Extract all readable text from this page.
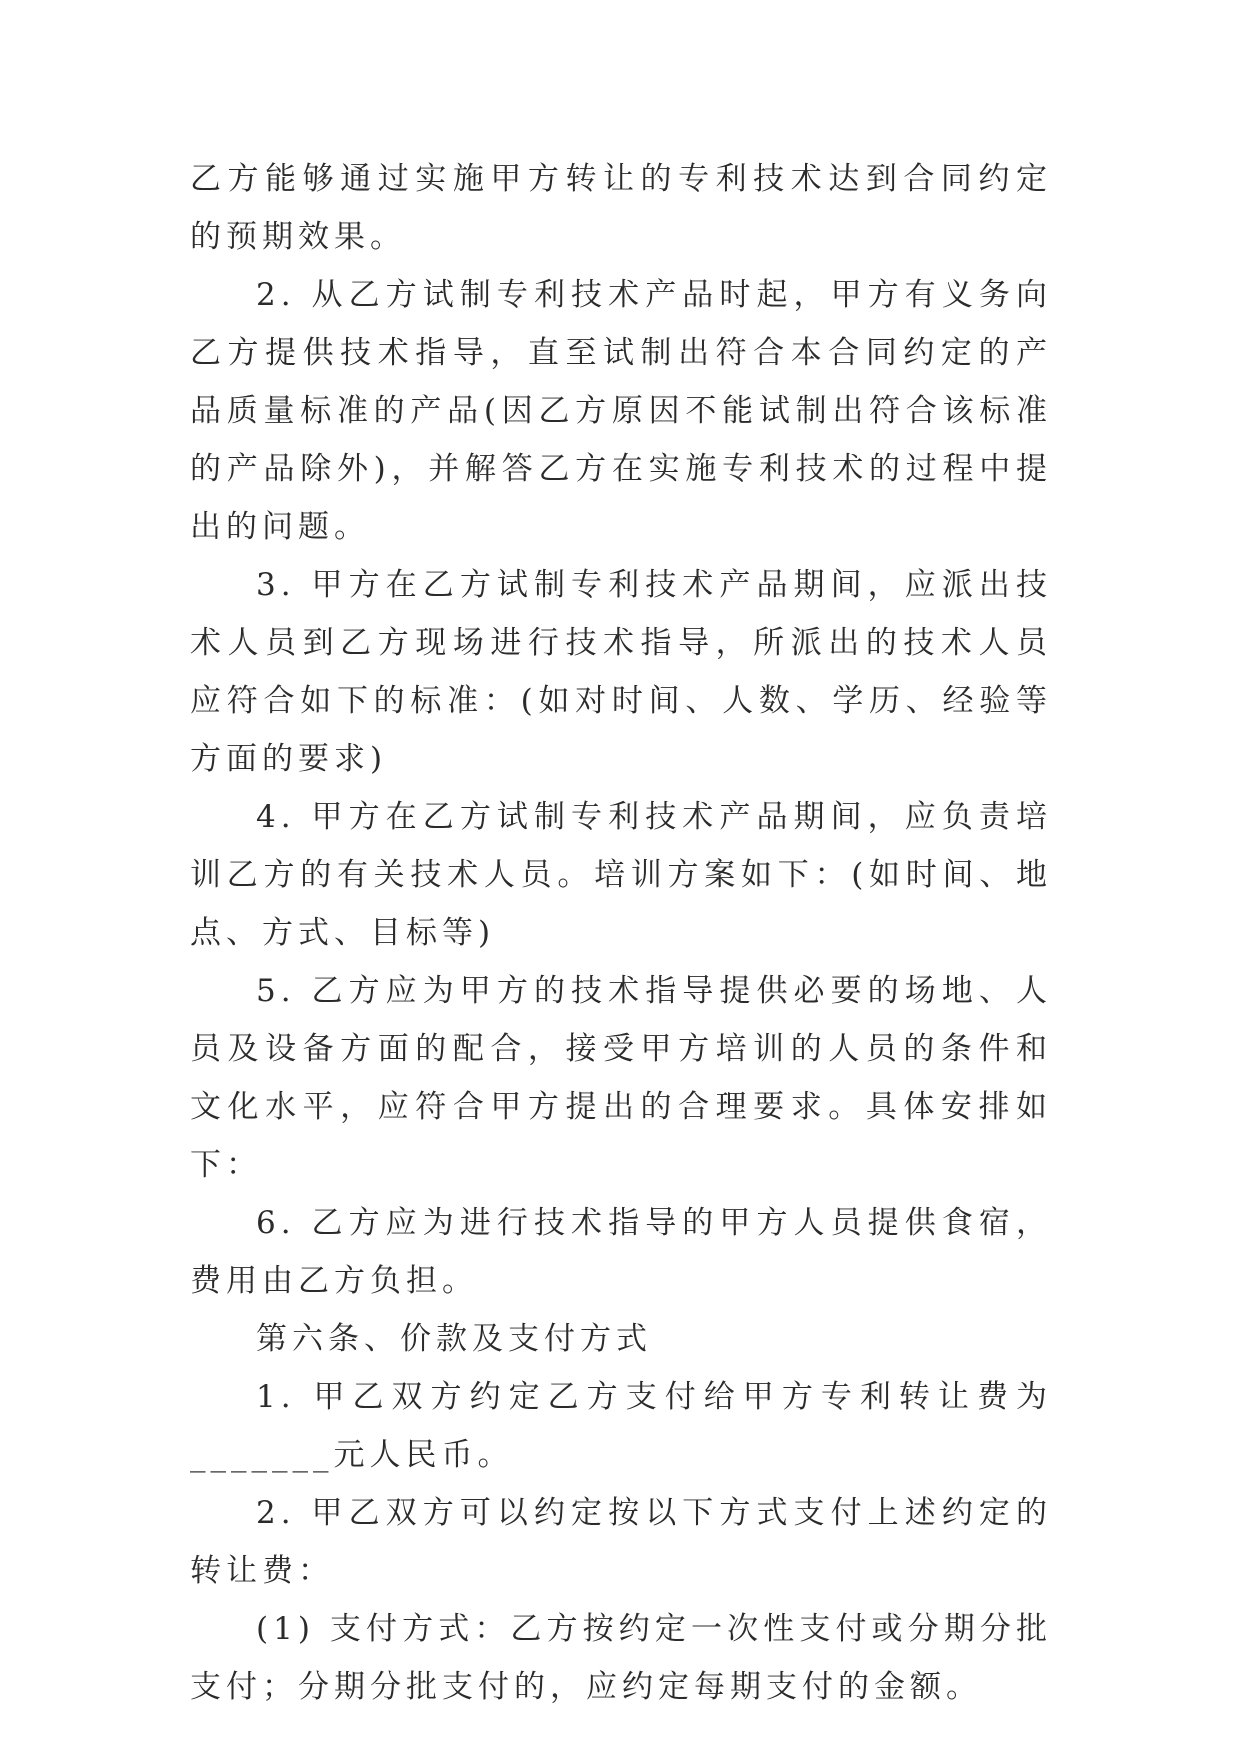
乙方能够通过实施甲方转让的专利技术达到合同约定的预期效果。

2. 从乙方试制专利技术产品时起，甲方有义务向乙方提供技术指导，直至试制出符合本合同约定的产品质量标准的产品(因乙方原因不能试制出符合该标准的产品除外)，并解答乙方在实施专利技术的过程中提出的问题。

3. 甲方在乙方试制专利技术产品期间，应派出技术人员到乙方现场进行技术指导，所派出的技术人员应符合如下的标准：(如对时间、人数、学历、经验等方面的要求)

4. 甲方在乙方试制专利技术产品期间，应负责培训乙方的有关技术人员。培训方案如下：(如时间、地点、方式、目标等)

5. 乙方应为甲方的技术指导提供必要的场地、人员及设备方面的配合，接受甲方培训的人员的条件和文化水平，应符合甲方提出的合理要求。具体安排如下：

6. 乙方应为进行技术指导的甲方人员提供食宿，费用由乙方负担。

第六条、价款及支付方式

1. 甲乙双方约定乙方支付给甲方专利转让费为_______元人民币。

2. 甲乙双方可以约定按以下方式支付上述约定的转让费：

(1) 支付方式：乙方按约定一次性支付或分期分批支付；分期分批支付的，应约定每期支付的金额。
